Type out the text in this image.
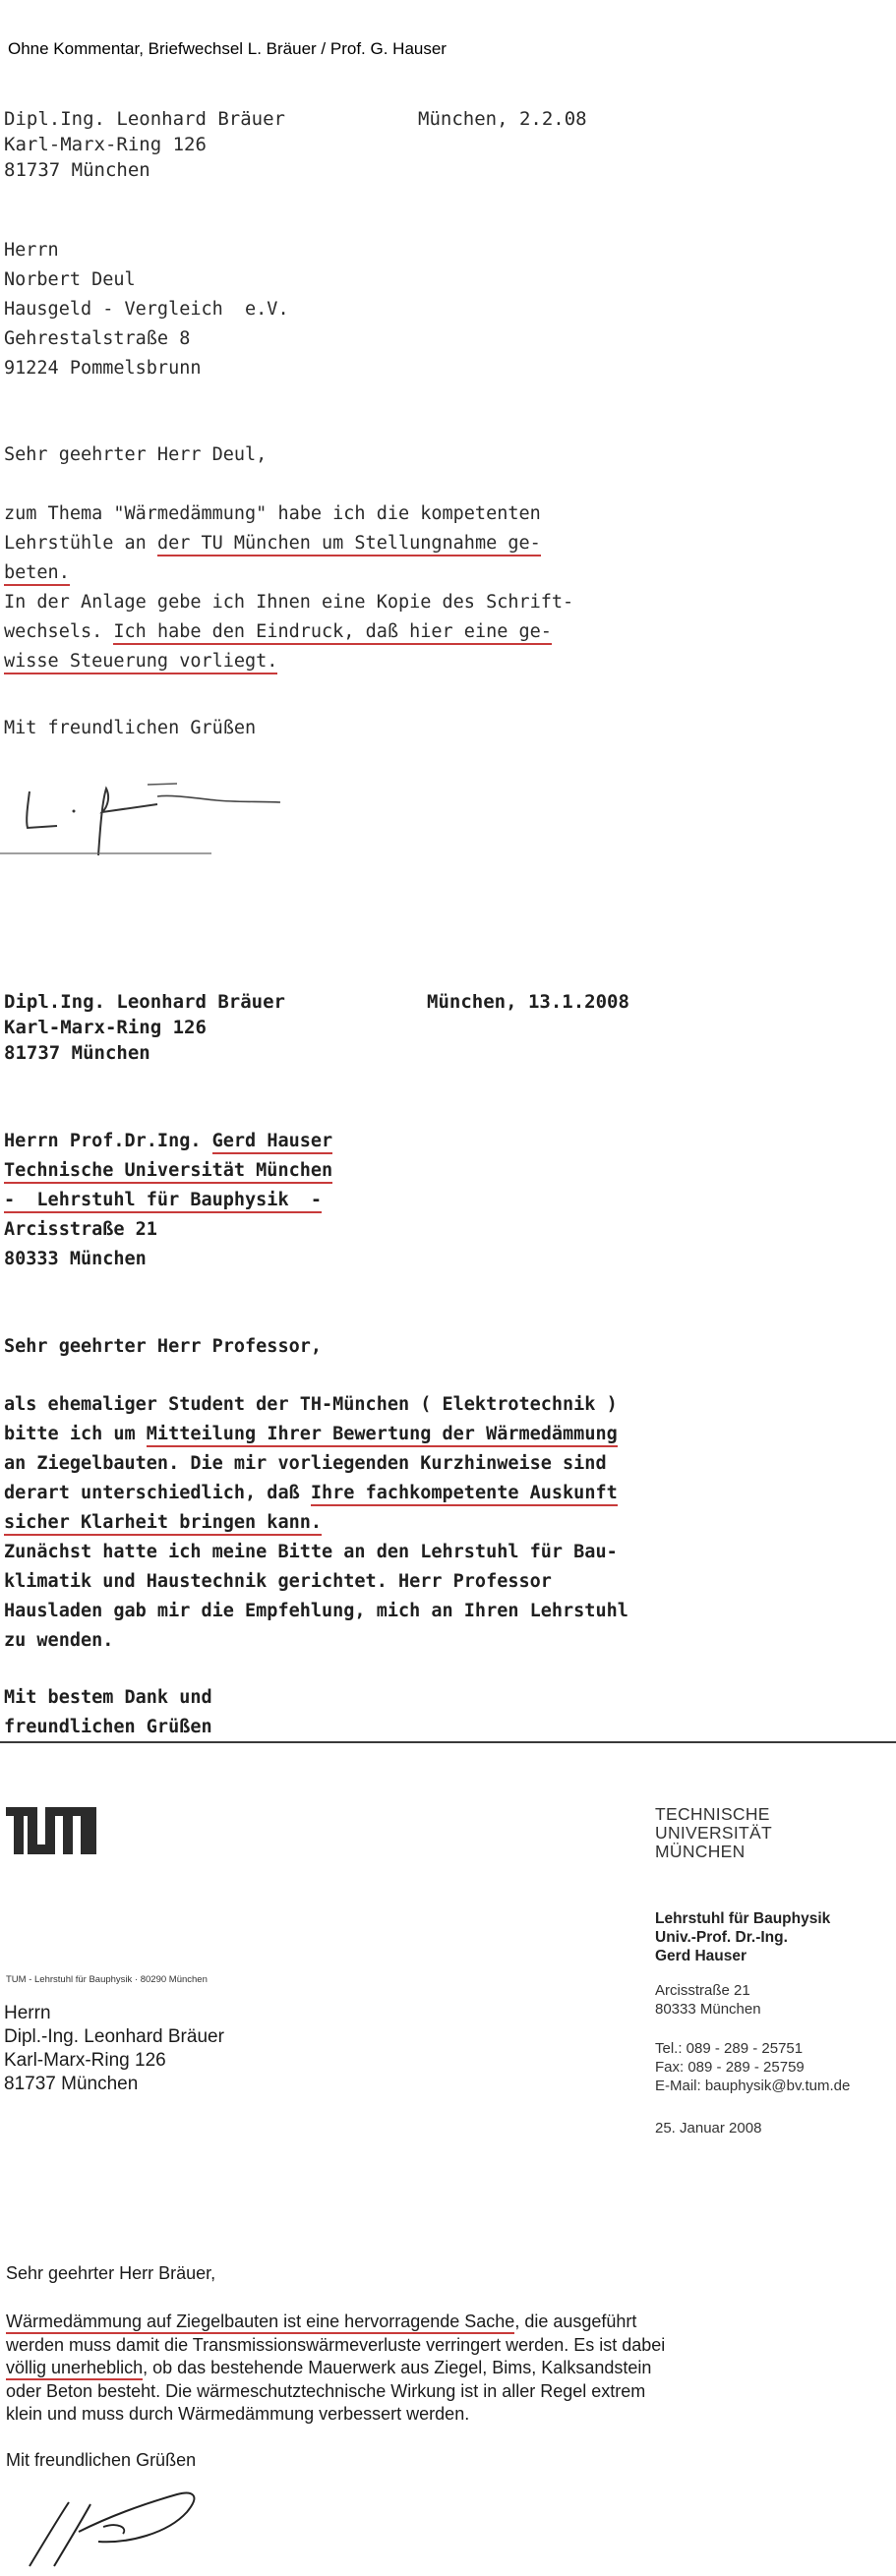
Ohne Kommentar, Briefwechsel L. Bräuer / Prof. G. Hauser
Dipl.Ing. Leonhard Bräuer
Karl-Marx-Ring 126
81737 München
München, 2.2.08
Herrn
Norbert Deul
Hausgeld - Vergleich  e.V.
Gehrestalstraße 8
91224 Pommelsbrunn
Sehr geehrter Herr Deul,
zum Thema "Wärmedämmung" habe ich die kompetenten
Lehrstühle an der TU München um Stellungnahme ge-
beten.
In der Anlage gebe ich Ihnen eine Kopie des Schrift-
wechsels. Ich habe den Eindruck, daß hier eine ge-
wisse Steuerung vorliegt.
Mit freundlichen Grüßen
Dipl.Ing. Leonhard Bräuer
Karl-Marx-Ring 126
81737 München
München, 13.1.2008
Herrn Prof.Dr.Ing. Gerd Hauser
Technische Universität München
-  Lehrstuhl für Bauphysik  -
Arcisstraße 21
80333 München
Sehr geehrter Herr Professor,
als ehemaliger Student der TH-München ( Elektrotechnik )
bitte ich um Mitteilung Ihrer Bewertung der Wärmedämmung
an Ziegelbauten. Die mir vorliegenden Kurzhinweise sind
derart unterschiedlich, daß Ihre fachkompetente Auskunft
sicher Klarheit bringen kann.
Zunächst hatte ich meine Bitte an den Lehrstuhl für Bau-
klimatik und Haustechnik gerichtet. Herr Professor
Hausladen gab mir die Empfehlung, mich an Ihren Lehrstuhl
zu wenden.
Mit bestem Dank und
freundlichen Grüßen
TECHNISCHE
UNIVERSITÄT
MÜNCHEN
Lehrstuhl für Bauphysik
Univ.-Prof. Dr.-Ing.
Gerd Hauser
Arcisstraße 21
80333 München
Tel.: 089 - 289 - 25751
Fax: 089 - 289 - 25759
E-Mail: bauphysik@bv.tum.de
25. Januar 2008
TUM - Lehrstuhl für Bauphysik · 80290 München
Herrn
Dipl.-Ing. Leonhard Bräuer
Karl-Marx-Ring 126
81737 München
Sehr geehrter Herr Bräuer,
Wärmedämmung auf Ziegelbauten ist eine hervorragende Sache, die ausgeführt
werden muss damit die Transmissionswärmeverluste verringert werden. Es ist dabei
völlig unerheblich, ob das bestehende Mauerwerk aus Ziegel, Bims, Kalksandstein
oder Beton besteht. Die wärmeschutztechnische Wirkung ist in aller Regel extrem
klein und muss durch Wärmedämmung verbessert werden.
Mit freundlichen Grüßen
